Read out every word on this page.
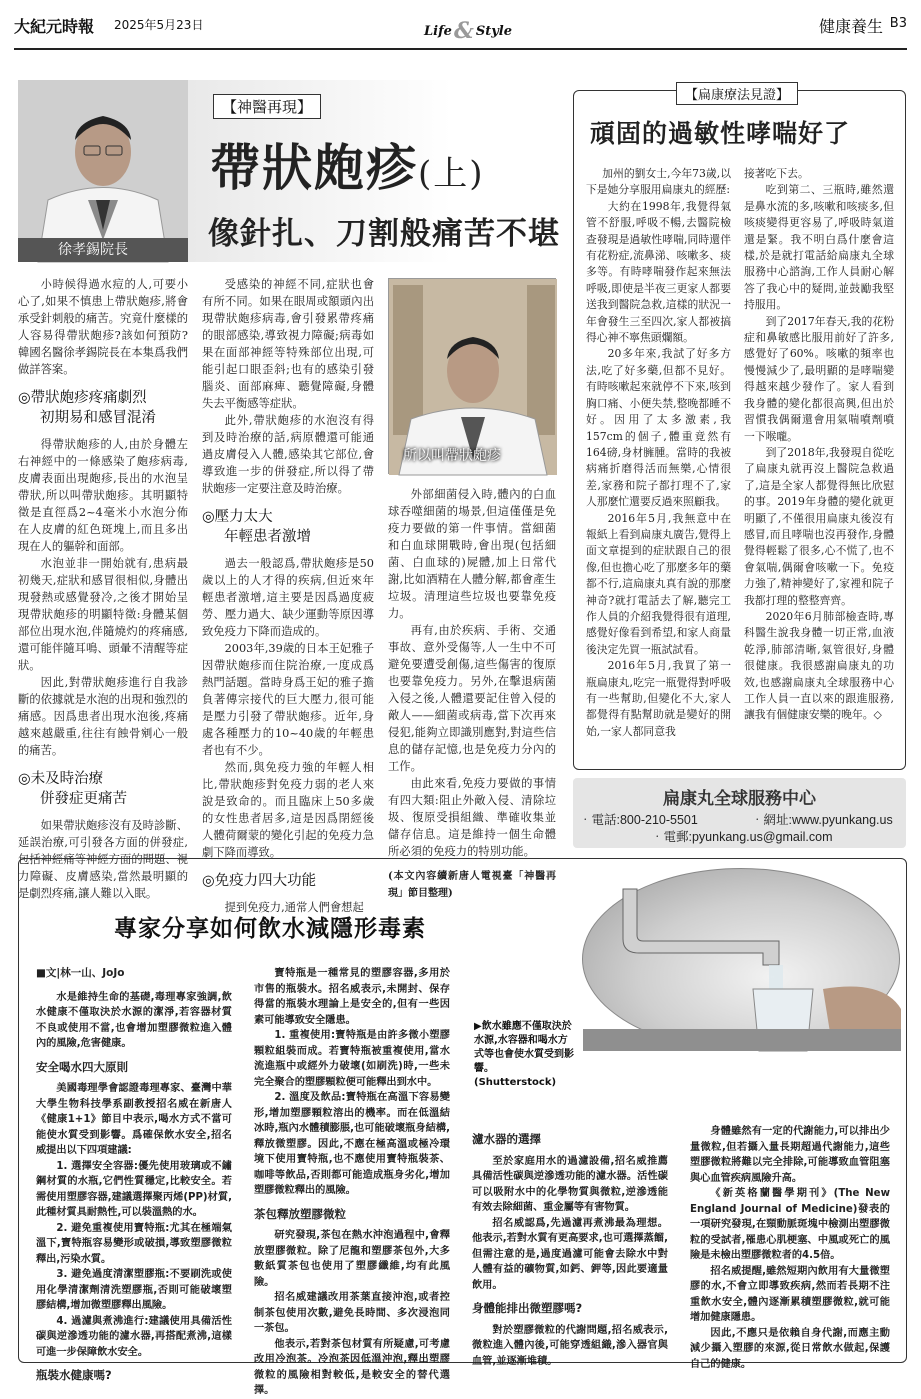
大紀元時報 2025年5月23日	Life& Style	健康養生 B3
徐孝錫院長
【神醫再現】
帶狀皰疹(上)
像針扎、刀割般痛苦不堪

小時候得過水痘的人,可要小心了,如果不慎患上帶狀皰疹,將會承受針刺般的痛苦。究竟什麼樣的人容易得帶狀皰疹?該如何預防?韓國名醫徐孝錫院長在本集爲我們做詳答案。

◎帶狀皰疹疼痛劇烈
初期易和感冒混淆

得帶狀皰疹的人,由於身體左右神經中的一條感染了皰疹病毒,皮膚表面出現皰疹,長出的水泡呈帶狀,所以叫帶狀皰疹。其明顯特徵是直徑爲2~4毫米小水泡分佈在人皮膚的紅色斑塊上,而且多出現在人的軀幹和面部。

水泡並非一開始就有,患病最初幾天,症狀和感冒很相似,身體出現發熱或感覺發冷,之後才開始呈現帶狀皰疹的明顯特徵:身體某個部位出現水泡,伴隨燒灼的疼痛感,還可能伴隨耳鳴、頭暈不清醒等症狀。

因此,對帶狀皰疹進行自我診斷的依據就是水泡的出現和強烈的痛感。因爲患者出現水泡後,疼痛越來越嚴重,往往有蝕骨剜心一般的痛苦。

◎未及時治療
併發症更痛苦

如果帶狀皰疹沒有及時診斷、延誤治療,可引發各方面的併發症,包括神經痛等神經方面的問題、視力障礙、皮膚感染,當然最明顯的是劇烈疼痛,讓人難以入眠。

受感染的神經不同,症狀也會有所不同。如果在眼周或額頭內出現帶狀皰疹病毒,會引發累帶疼痛的眼部感染,導致視力障礙;病毒如果在面部神經等特殊部位出現,可能引起口眼歪斜;也有的感染引發腦炎、面部麻痺、聽覺障礙,身體失去平衡感等症狀。

此外,帶狀皰疹的水泡沒有得到及時治療的話,病原體還可能通過皮膚侵入人體,感染其它部位,會導致進一步的併發症,所以得了帶狀皰疹一定要注意及時治療。

◎壓力太大
年輕患者激增

過去一般認爲,帶狀皰疹是50歲以上的人才得的疾病,但近來年輕患者激增,這主要是因爲過度疲勞、壓力過大、缺少運動等原因導致免疫力下降而造成的。

2003年,39歲的日本王妃雅子因帶狀皰疹而住院治療,一度成爲熱門話題。當時身爲王妃的雅子擔負著傳宗接代的巨大壓力,很可能是壓力引發了帶狀皰疹。近年,身處各種壓力的10~40歲的年輕患者也有不少。

然而,與免疫力強的年輕人相比,帶狀皰疹對免疫力弱的老人來說是致命的。而且臨床上50多歲的女性患者居多,這是因爲閉經後人體荷爾蒙的變化引起的免疫力急劇下降而導致。

◎免疫力四大功能

提到免疫力,通常人們會想起

所以叫帶狀皰疹

外部細菌侵入時,體內的白血球吞噬細菌的場景,但這僅僅是免疫力要做的第一件事情。當細菌和白血球開戰時,會出現(包括細菌、白血球的)屍體,加上日常代謝,比如酒精在人體分解,都會產生垃圾。清理這些垃圾也要靠免疫力。

再有,由於疾病、手術、交通事故、意外受傷等,人一生中不可避免要遭受創傷,這些傷害的復原也要靠免疫力。另外,在擊退病菌入侵之後,人體還要記住曾入侵的敵人——細菌或病毒,當下次再來侵犯,能夠立即識別應對,對這些信息的儲存記憶,也是免疫力分內的工作。

由此來看,免疫力要做的事情有四大類:阻止外敵入侵、清除垃圾、復原受損組織、準確收集並儲存信息。這是維持一個生命體所必須的免疫力的特別功能。

(本文內容續新唐人電視臺「神醫再現」節目整理)

【扁康療法見證】
頑固的過敏性哮喘好了

加州的劉女士,今年73歲,以下是她分享服用扁康丸的經歷:

大約在1998年,我覺得氣管不舒服,呼吸不暢,去醫院檢查發現是過敏性哮喘,同時還伴有花粉症,流鼻涕、咳嗽多、痰多等。有時哮喘發作起來無法呼吸,即使是半夜三更家人都要送我到醫院急救,這樣的狀況一年會發生三至四次,家人都被搞得心神不寧焦頭爛額。

20多年來,我試了好多方法,吃了好多藥,但都不見好。有時咳嗽起來就停不下來,咳到胸口痛、小便失禁,整晚都睡不好。因用了太多激素,我157cm的個子,體重竟然有164磅,身材臃腫。當時的我被病痛折磨得活而無樂,心情很差,家務和院子都打理不了,家人那麼忙還要反過來照顧我。

2016年5月,我無意中在報紙上看到扁康丸廣告,覺得上面文章提到的症狀跟自己的很像,但也擔心吃了那麼多年的藥都不行,這扁康丸真有說的那麼神奇?就打電話去了解,聽完工作人員的介紹我覺得很有道理,感覺好像看到希望,和家人商量後決定先買一瓶試試看。

2016年5月,我買了第一瓶扁康丸,吃完一瓶覺得對呼吸有一些幫助,但變化不大,家人都覺得有點幫助就是變好的開始,一家人都同意我

接著吃下去。

吃到第二、三瓶時,雖然還是鼻水流的多,咳嗽和咳痰多,但咳痰變得更容易了,呼吸時氣道還是緊。我不明白爲什麼會這樣,於是就打電話給扁康丸全球服務中心諮詢,工作人員耐心解答了我心中的疑問,並鼓勵我堅持服用。

到了2017年春天,我的花粉症和鼻敏感比服用前好了許多,感覺好了60%。咳嗽的頻率也慢慢減少了,最明顯的是哮喘變得越來越少發作了。家人看到我身體的變化都很高興,但出於習慣我偶爾還會用氣喘噴劑噴一下喉嚨。

到了2018年,我發現自從吃了扁康丸就再沒上醫院急救過了,這是全家人都覺得無比欣慰的事。2019年身體的變化就更明顯了,不僅很用扁康丸後沒有感冒,而且哮喘也沒再發作,身體覺得輕鬆了很多,心不慌了,也不會氣喘,偶爾會咳嗽一下。免疫力強了,精神變好了,家裡和院子我都打理的整整齊齊。

2020年6月肺部檢查時,專科醫生說我身體一切正常,血液乾淨,肺部清晰,氣管很好,身體很健康。我很感謝扁康丸的功效,也感謝扁康丸全球服務中心工作人員一直以來的跟進服務,讓我有個健康安樂的晚年。◇

扁康丸全球服務中心
‧電話:800-210-5501	‧網址:www.pyunkang.us
‧電郵:pyunkang.us@gmail.com
專家分享如何飲水減隱形毒素
▶飲水雖應不僅取決於水源,水容器和喝水方式等也會使水質受到影響。(Shutterstock)

■文|林一山、JoJo

水是維持生命的基礎,毒理專家強調,飲水健康不僅取決於水源的潔淨,若容器材質不良或使用不當,也會增加塑膠微粒進入體內的風險,危害健康。

安全喝水四大原則

美國毒理學會認證毒理專家、臺灣中華大學生物科技學系副教授招名威在新唐人《健康1+1》節目中表示,喝水方式不當可能使水質受到影響。爲確保飲水安全,招名威提出以下四項建議:

1. 選擇安全容器:優先使用玻璃或不鏽鋼材質的水瓶,它們性質穩定,比較安全。若需使用塑膠容器,建議選擇聚丙烯(PP)材質,此種材質具耐熱性,可以裝溫熱的水。

2. 避免重複使用寶特瓶:尤其在極端氣溫下,寶特瓶容易變形或破損,導致塑膠微粒釋出,污染水質。

3. 避免過度清潔塑膠瓶:不要刷洗或使用化學清潔劑清洗塑膠瓶,否則可能破壞塑膠結構,增加微塑膠釋出風險。

4. 過濾與煮沸進行:建議使用具備活性碳與逆滲透功能的濾水器,再搭配煮沸,這樣可進一步保障飲水安全。

瓶裝水健康嗎?

寶特瓶是一種常見的塑膠容器,多用於市售的瓶裝水。招名威表示,未開封、保存得當的瓶裝水理論上是安全的,但有一些因素可能導致安全隱患。

1. 重複使用:寶特瓶是由許多微小塑膠顆粒組裝而成。若寶特瓶被重複使用,當水流進瓶中或經外力破壞(如刷洗)時,一些未完全聚合的塑膠顆粒便可能釋出到水中。

2. 溫度及飲品:寶特瓶在高溫下容易變形,增加塑膠顆粒溶出的機率。而在低溫結冰時,瓶內水體積膨脹,也可能破壞瓶身結構,釋放微塑膠。因此,不應在極高溫或極冷環境下使用寶特瓶,也不應使用寶特瓶裝茶、咖啡等飲品,否則都可能造成瓶身劣化,增加塑膠微粒釋出的風險。

茶包釋放塑膠微粒

研究發現,茶包在熱水沖泡過程中,會釋放塑膠微粒。除了尼龍和塑膠茶包外,大多數紙質茶包也使用了塑膠纖維,均有此風險。

招名威建議改用茶葉直接沖泡,或者控制茶包使用次數,避免長時間、多次浸泡同一茶包。

他表示,若對茶包材質有所疑慮,可考慮改用冷泡茶。冷泡茶因低溫沖泡,釋出塑膠微粒的風險相對較低,是較安全的替代選擇。

濾水器的選擇

至於家庭用水的過濾設備,招名威推薦具備活性碳與逆滲透功能的濾水器。活性碳可以吸附水中的化學物質與微粒,逆滲透能有效去除細菌、重金屬等有害物質。

招名威認爲,先過濾再煮沸最為理想。他表示,若對水質有更高要求,也可選擇蒸餾,但需注意的是,過度過濾可能會去除水中對人體有益的礦物質,如鈣、鉀等,因此要適量飲用。

身體能排出微塑膠嗎?

對於塑膠微粒的代謝問題,招名威表示,微粒進入體內後,可能穿透組織,滲入器官與血管,並逐漸堆積。

身體雖然有一定的代謝能力,可以排出少量微粒,但若攝入量長期超過代謝能力,這些塑膠微粒將難以完全排除,可能導致血管阻塞與心血管疾病風險升高。

《新英格蘭醫學期刊》(The New England Journal of Medicine)發表的一項研究發現,在頸動脈斑塊中檢測出塑膠微粒的受試者,罹患心肌梗塞、中風或死亡的風險是未檢出塑膠微粒者的4.5倍。

招名威提醒,雖然短期內飲用有大量微塑膠的水,不會立即導致疾病,然而若長期不注重飲水安全,體內逐漸累積塑膠微粒,就可能增加健康隱患。

因此,不應只是依賴自身代謝,而應主動減少攝入塑膠的來源,從日常飲水做起,保護自己的健康。
